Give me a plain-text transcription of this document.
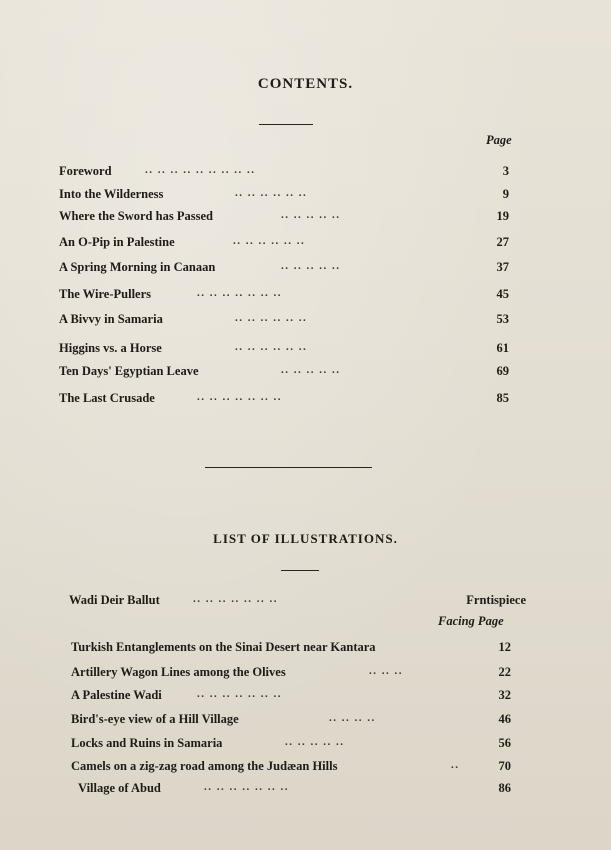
CONTENTS.
Page
Foreword	.. .. .. .. .. .. .. .. ..	3
Into the Wilderness	.. .. .. .. .. ..	9
Where the Sword has Passed	.. .. .. .. ..	19
An O-Pip in Palestine	.. .. .. .. .. ..	27
A Spring Morning in Canaan	.. .. .. .. ..	37
The Wire-Pullers	.. .. .. .. .. .. ..	45
A Bivvy in Samaria	.. .. .. .. .. ..	53
Higgins vs. a Horse	.. .. .. .. .. ..	61
Ten Days' Egyptian Leave	.. .. .. .. ..	69
The Last Crusade	.. .. .. .. .. .. ..	85
LIST OF ILLUSTRATIONS.
Wadi Deir Ballut	.. .. .. .. .. .. ..	Frntispiece
Facing Page
Turkish Entanglements on the Sinai Desert near Kantara	12
Artillery Wagon Lines among the Olives	.. .. ..	22
A Palestine Wadi	.. .. .. .. .. .. ..	32
Bird's-eye view of a Hill Village	.. .. .. ..	46
Locks and Ruins in Samaria	.. .. .. .. ..	56
Camels on a zig-zag road among the Judæan Hills	..	70
Village of Abud	.. .. .. .. .. .. ..	86
